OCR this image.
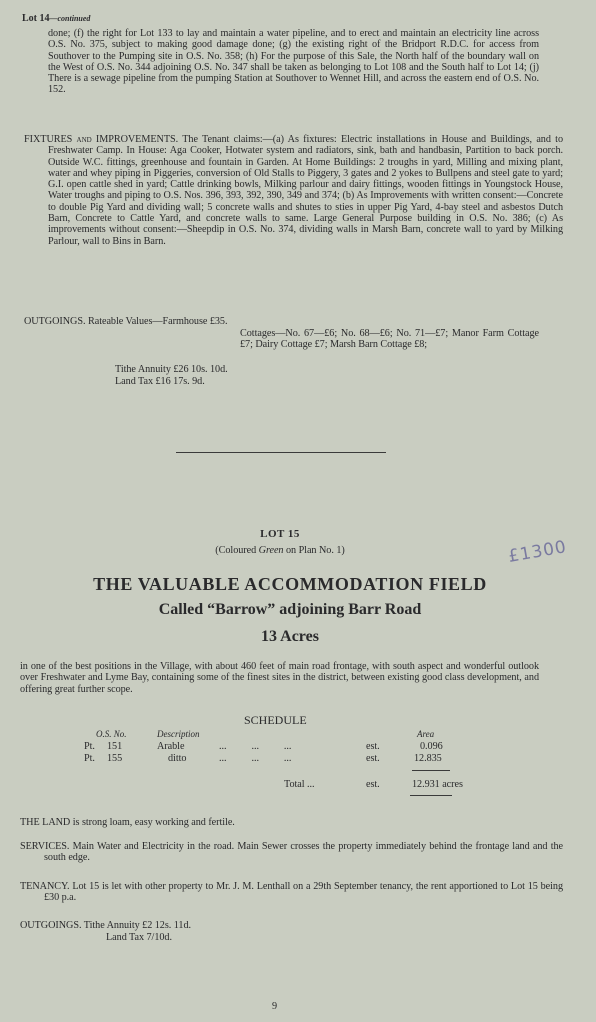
Lot 14—continued

done; (f) the right for Lot 133 to lay and maintain a water pipeline, and to erect and maintain an electricity line across O.S. No. 375, subject to making good damage done; (g) the existing right of the Bridport R.D.C. for access from Southover to the Pumping site in O.S. No. 358; (h) For the purpose of this Sale, the North half of the boundary wall on the West of O.S. No. 344 adjoining O.S. No. 347 shall be taken as belonging to Lot 108 and the South half to Lot 14; (j) There is a sewage pipeline from the pumping Station at Southover to Wennet Hill, and across the eastern end of O.S. No. 152.

FIXTURES and IMPROVEMENTS. The Tenant claims:—(a) As fixtures: Electric installations in House and Buildings, and to Freshwater Camp. In House: Aga Cooker, Hotwater system and radiators, sink, bath and handbasin, Partition to back porch. Outside W.C. fittings, greenhouse and fountain in Garden. At Home Buildings: 2 troughs in yard, Milling and mixing plant, water and whey piping in Piggeries, conversion of Old Stalls to Piggery, 3 gates and 2 yokes to Bullpens and steel gate to yard; G.I. open cattle shed in yard; Cattle drinking bowls, Milking parlour and dairy fittings, wooden fittings in Youngstock House, Water troughs and piping to O.S. Nos. 396, 393, 392, 390, 349 and 374; (b) As Improvements with written consent:—Concrete to double Pig Yard and dividing wall; 5 concrete walls and shutes to sties in upper Pig Yard, 4-bay steel and asbestos Dutch Barn, Concrete to Cattle Yard, and concrete walls to same. Large General Purpose building in O.S. No. 386; (c) As improvements without consent:—Sheepdip in O.S. No. 374, dividing walls in Marsh Barn, concrete wall to yard by Milking Parlour, wall to Bins in Barn.

OUTGOINGS. Rateable Values—Farmhouse £35.

Cottages—No. 67—£6; No. 68—£6; No. 71—£7; Manor Farm Cottage £7; Dairy Cottage £7; Marsh Barn Cottage £8;

Tithe Annuity £26 10s. 10d.
Land Tax £16 17s. 9d.
LOT 15
(Coloured Green on Plan No. 1)	£1300
THE VALUABLE ACCOMMODATION FIELD
Called “Barrow” adjoining Barr Road
13 Acres

in one of the best positions in the Village, with about 460 feet of main road frontage, with south aspect and wonderful outlook over Freshwater and Lyme Bay, containing some of the finest sites in the district, between existing good class development, and offering great further scope.

SCHEDULE
O.S. No.	Description	Area
Pt. 151	Arable	...          ...          ...	est.	0.096
Pt. 155	ditto	...          ...          ...	est.	12.835
Total ...	est.	12.931 acres

THE LAND is strong loam, easy working and fertile.

SERVICES. Main Water and Electricity in the road. Main Sewer crosses the property immediately behind the frontage land and the south edge.

TENANCY. Lot 15 is let with other property to Mr. J. M. Lenthall on a 29th September tenancy, the rent apportioned to Lot 15 being £30 p.a.

OUTGOINGS. Tithe Annuity £2 12s. 11d.
Land Tax 7/10d.
9
